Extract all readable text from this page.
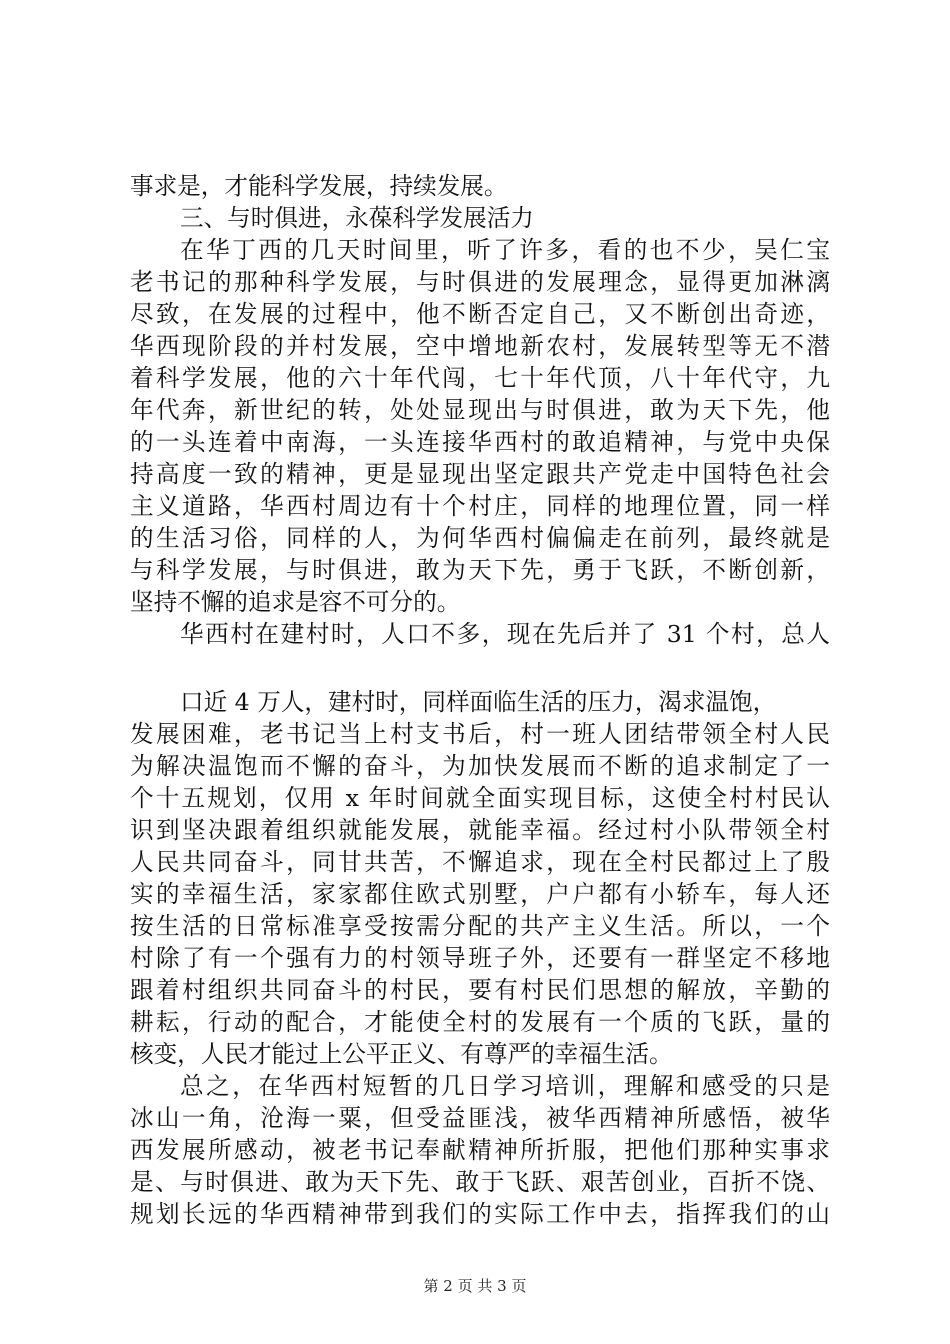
事求是，才能科学发展，持续发展。
三、与时俱进，永葆科学发展活力
在华丁西的几天时间里，听了许多，看的也不少，吴仁宝
老书记的那种科学发展，与时俱进的发展理念，显得更加淋漓
尽致，在发展的过程中，他不断否定自己，又不断创出奇迹，
华西现阶段的并村发展，空中增地新农村，发展转型等无不潜
着科学发展，他的六十年代闯，七十年代顶，八十年代守，九
年代奔，新世纪的转，处处显现出与时俱进，敢为天下先，他
的一头连着中南海，一头连接华西村的敢追精神，与党中央保
持高度一致的精神，更是显现出坚定跟共产党走中国特色社会
主义道路，华西村周边有十个村庄，同样的地理位置，同一样
的生活习俗，同样的人，为何华西村偏偏走在前列，最终就是
与科学发展，与时俱进，敢为天下先，勇于飞跃，不断创新，
坚持不懈的追求是容不可分的。
华西村在建村时，人口不多，现在先后并了 31 个村，总人
口近 4 万人，建村时，同样面临生活的压力，渴求温饱，
发展困难，老书记当上村支书后，村一班人团结带领全村人民
为解决温饱而不懈的奋斗，为加快发展而不断的追求制定了一
个十五规划，仅用 x 年时间就全面实现目标，这使全村村民认
识到坚决跟着组织就能发展，就能幸福。经过村小队带领全村
人民共同奋斗，同甘共苦，不懈追求，现在全村民都过上了殷
实的幸福生活，家家都住欧式别墅，户户都有小轿车，每人还
按生活的日常标准享受按需分配的共产主义生活。所以，一个
村除了有一个强有力的村领导班子外，还要有一群坚定不移地
跟着村组织共同奋斗的村民，要有村民们思想的解放，辛勤的
耕耘，行动的配合，才能使全村的发展有一个质的飞跃，量的
核变，人民才能过上公平正义、有尊严的幸福生活。
总之，在华西村短暂的几日学习培训，理解和感受的只是
冰山一角，沧海一粟，但受益匪浅，被华西精神所感悟，被华
西发展所感动，被老书记奉献精神所折服，把他们那种实事求
是、与时俱进、敢为天下先、敢于飞跃、艰苦创业，百折不饶、
规划长远的华西精神带到我们的实际工作中去，指挥我们的山
第 2 页 共 3 页
